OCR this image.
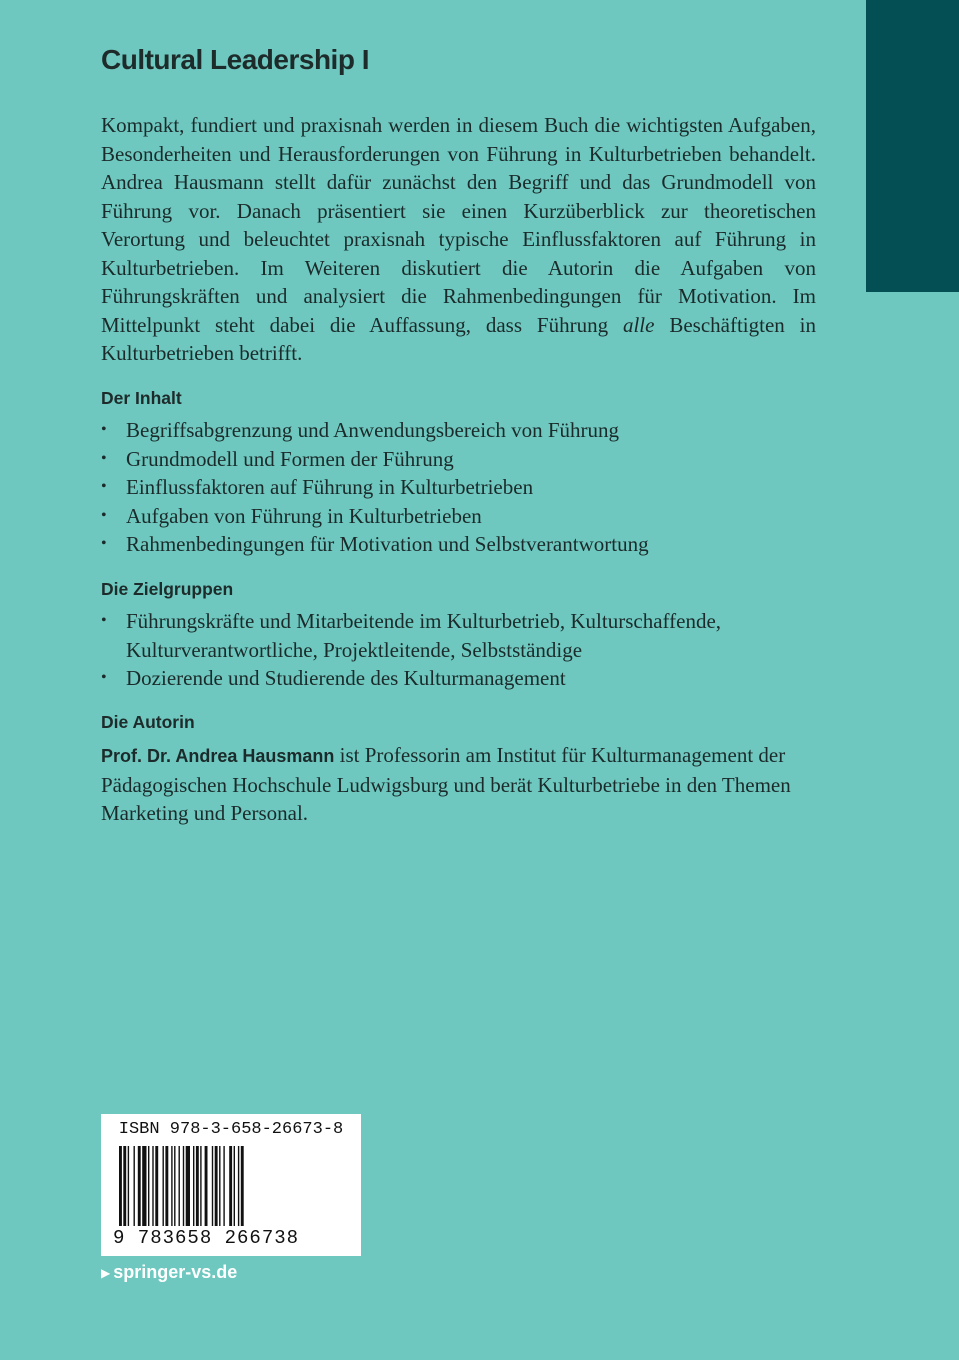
Cultural Leadership I

Kompakt, fundiert und praxisnah werden in diesem Buch die wichtigsten Aufgaben, Besonderheiten und Herausforderungen von Führung in Kulturbetrieben behandelt. Andrea Hausmann stellt dafür zunächst den Begriff und das Grundmodell von Führung vor. Danach präsentiert sie einen Kurzüberblick zur theoretischen Verortung und beleuchtet praxisnah typische Einflussfaktoren auf Führung in Kulturbetrieben. Im Weiteren diskutiert die Autorin die Aufgaben von Führungskräften und analysiert die Rahmenbedingungen für Motivation. Im Mittelpunkt steht dabei die Auffassung, dass Führung alle Beschäftigten in Kulturbetrieben betrifft.

Der Inhalt
• Begriffsabgrenzung und Anwendungsbereich von Führung
• Grundmodell und Formen der Führung
• Einflussfaktoren auf Führung in Kulturbetrieben
• Aufgaben von Führung in Kulturbetrieben
• Rahmenbedingungen für Motivation und Selbstverantwortung
Die Zielgruppen
• Führungskräfte und Mitarbeitende im Kulturbetrieb, Kulturschaffende, Kulturverantwortliche, Projektleitende, Selbstständige
• Dozierende und Studierende des Kulturmanagement
Die Autorin

Prof. Dr. Andrea Hausmann ist Professorin am Institut für Kulturmanagement der Pädagogischen Hochschule Ludwigsburg und berät Kulturbetriebe in den Themen Marketing und Personal.

ISBN 978-3-658-26673-8
9 783658 266738
▶ springer-vs.de
